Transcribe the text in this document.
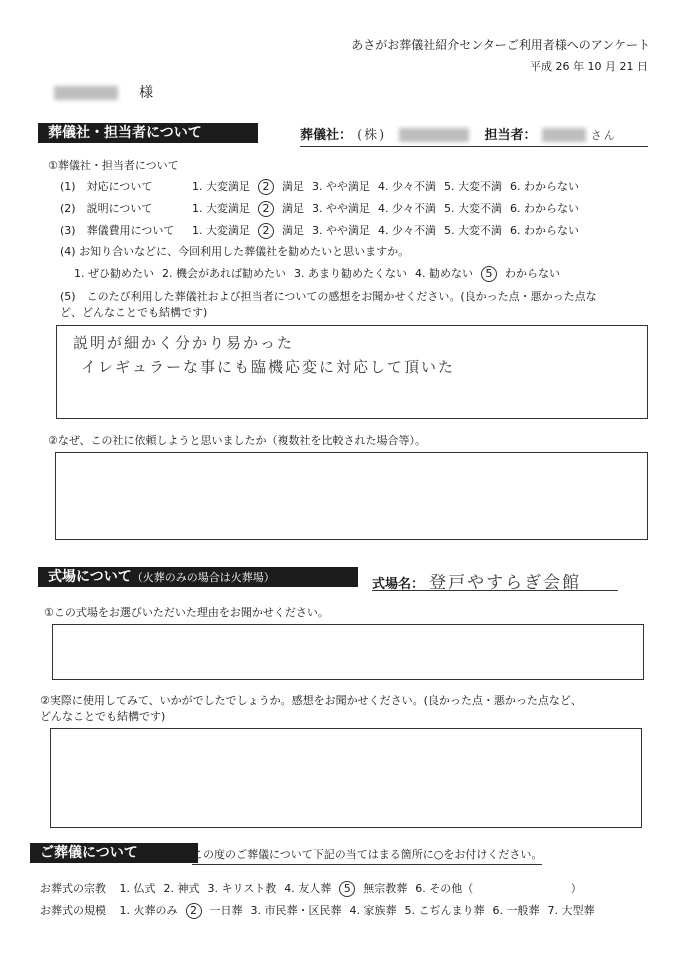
あさがお葬儀社紹介センターご利用者様へのアンケート
平成 26 年 10 月 21 日
様
葬儀社・担当者について	葬儀社： (株)	担当者：	さん
①葬儀社・担当者について
(1)　対応について	1. 大変満足 2 満足 3. やや満足 4. 少々不満 5. 大変不満 6. わからない
(2)　説明について	1. 大変満足 2 満足 3. やや満足 4. 少々不満 5. 大変不満 6. わからない
(3)　葬儀費用について 1. 大変満足 2 満足 3. やや満足 4. 少々不満 5. 大変不満 6. わからない
(4) お知り合いなどに、今回利用した葬儀社を勧めたいと思いますか。
1. ぜひ勧めたい 2. 機会があれば勧めたい 3. あまり勧めたくない 4. 勧めない 5 わからない
(5)　このたび利用した葬儀社および担当者についての感想をお聞かせください。(良かった点・悪かった点な
ど、どんなことでも結構です)
説明が細かく分かり易かった
イレギュラーな事にも臨機応変に対応して頂いた
②なぜ、この社に依頼しようと思いましたか（複数社を比較された場合等）。
式場について（火葬のみの場合は火葬場）	式場名： 登戸やすらぎ会館
①この式場をお選びいただいた理由をお聞かせください。
②実際に使用してみて、いかがでしたでしょうか。感想をお聞かせください。(良かった点・悪かった点など、
どんなことでも結構です)
ご葬儀について	この度のご葬儀について下記の当てはまる箇所に○をお付けください。
お葬式の宗教 1. 仏式 2. 神式 3. キリスト教 4. 友人葬 5 無宗教葬 6. その他（	）
お葬式の規模 1. 火葬のみ 2 一日葬 3. 市民葬・区民葬 4. 家族葬 5. こぢんまり葬 6. 一般葬 7. 大型葬
